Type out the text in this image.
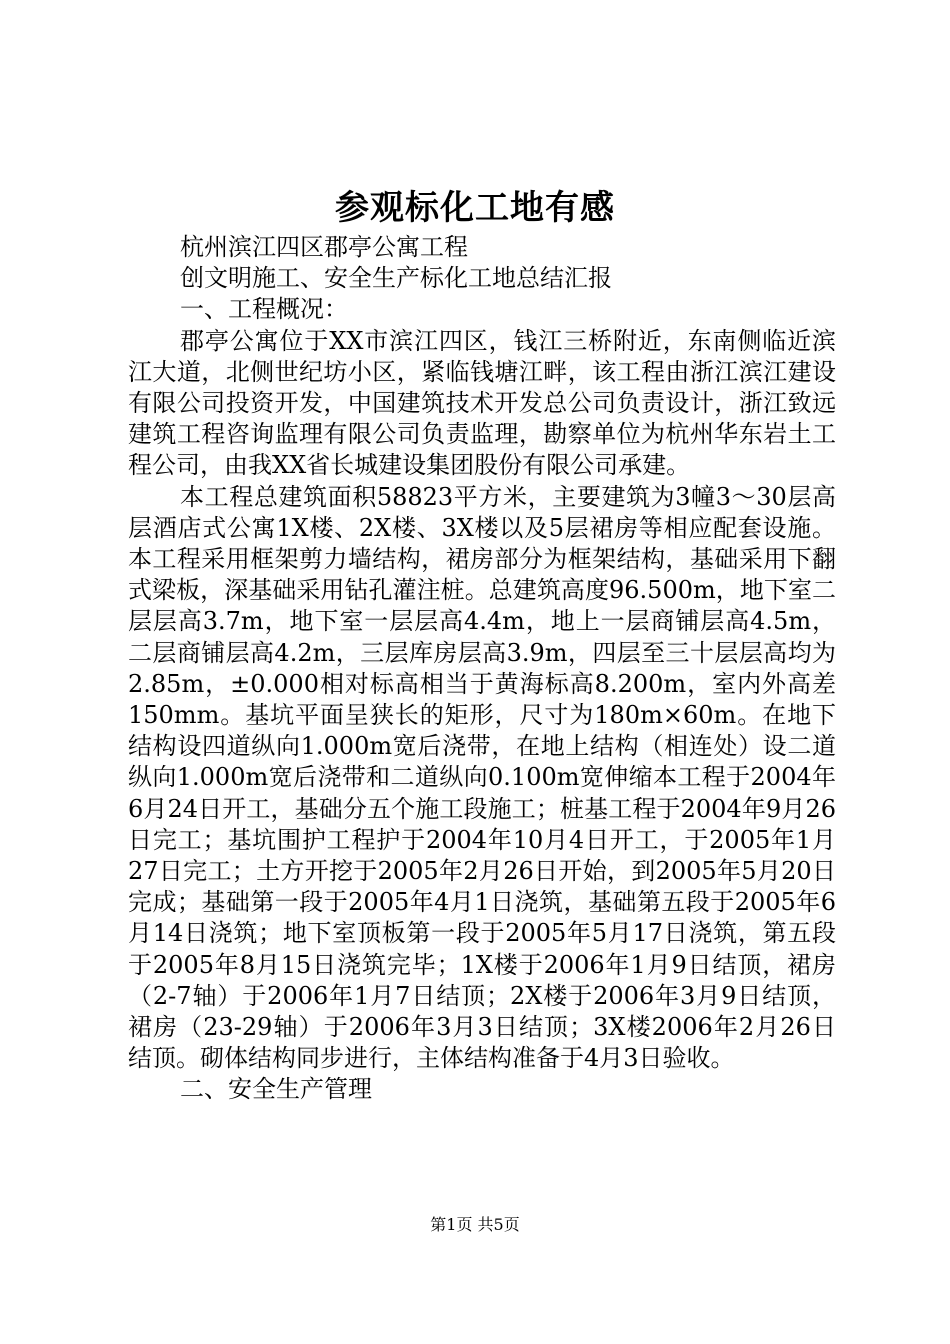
参观标化工地有感

杭州滨江四区郡亭公寓工程

创文明施工、安全生产标化工地总结汇报

一、工程概况：

郡亭公寓位于XX市滨江四区，钱江三桥附近，东南侧临近滨江大道，北侧世纪坊小区，紧临钱塘江畔，该工程由浙江滨江建设有限公司投资开发，中国建筑技术开发总公司负责设计，浙江致远建筑工程咨询监理有限公司负责监理，勘察单位为杭州华东岩土工程公司，由我XX省长城建设集团股份有限公司承建。

本工程总建筑面积58823平方米，主要建筑为3幢3～30层高层酒店式公寓1X楼、2X楼、3X楼以及5层裙房等相应配套设施。本工程采用框架剪力墙结构，裙房部分为框架结构，基础采用下翻式梁板，深基础采用钻孔灌注桩。总建筑高度96.500m，地下室二层层高3.7m，地下室一层层高4.4m，地上一层商铺层高4.5m，二层商铺层高4.2m，三层库房层高3.9m，四层至三十层层高均为2.85m，±0.000相对标高相当于黄海标高8.200m，室内外高差150mm。基坑平面呈狭长的矩形，尺寸为180m×60m。在地下结构设四道纵向1.000m宽后浇带，在地上结构（相连处）设二道纵向1.000m宽后浇带和二道纵向0.100m宽伸缩本工程于2004年6月24日开工，基础分五个施工段施工；桩基工程于2004年9月26日完工；基坑围护工程护于2004年10月4日开工，于2005年1月27日完工；土方开挖于2005年2月26日开始，到2005年5月20日完成；基础第一段于2005年4月1日浇筑，基础第五段于2005年6月14日浇筑；地下室顶板第一段于2005年5月17日浇筑，第五段于2005年8月15日浇筑完毕；1X楼于2006年1月9日结顶，裙房（2-7轴）于2006年1月7日结顶；2X楼于2006年3月9日结顶，裙房（23-29轴）于2006年3月3日结顶；3X楼2006年2月26日结顶。砌体结构同步进行，主体结构准备于4月3日验收。

二、安全生产管理

第1页 共5页
